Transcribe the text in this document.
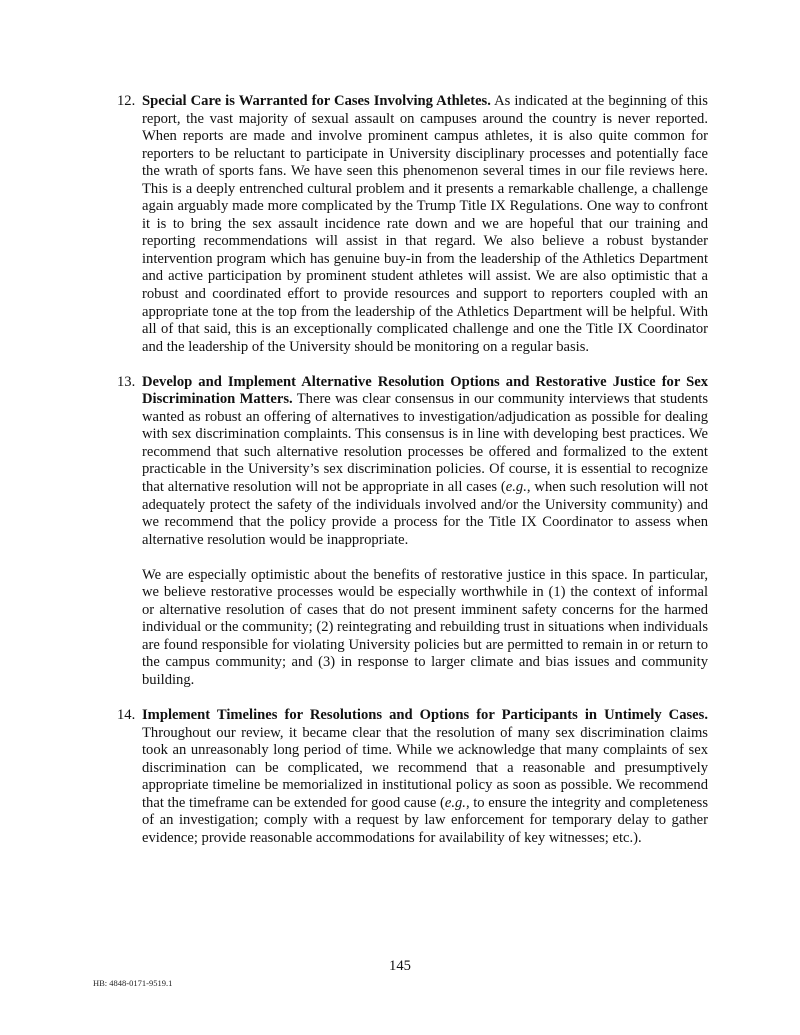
12. Special Care is Warranted for Cases Involving Athletes. As indicated at the beginning of this report, the vast majority of sexual assault on campuses around the country is never reported. When reports are made and involve prominent campus athletes, it is also quite common for reporters to be reluctant to participate in University disciplinary processes and potentially face the wrath of sports fans. We have seen this phenomenon several times in our file reviews here. This is a deeply entrenched cultural problem and it presents a remarkable challenge, a challenge again arguably made more complicated by the Trump Title IX Regulations. One way to confront it is to bring the sex assault incidence rate down and we are hopeful that our training and reporting recommendations will assist in that regard. We also believe a robust bystander intervention program which has genuine buy-in from the leadership of the Athletics Department and active participation by prominent student athletes will assist. We are also optimistic that a robust and coordinated effort to provide resources and support to reporters coupled with an appropriate tone at the top from the leadership of the Athletics Department will be helpful. With all of that said, this is an exceptionally complicated challenge and one the Title IX Coordinator and the leadership of the University should be monitoring on a regular basis.

13. Develop and Implement Alternative Resolution Options and Restorative Justice for Sex Discrimination Matters. There was clear consensus in our community interviews that students wanted as robust an offering of alternatives to investigation/adjudication as possible for dealing with sex discrimination complaints. This consensus is in line with developing best practices. We recommend that such alternative resolution processes be offered and formalized to the extent practicable in the University’s sex discrimination policies. Of course, it is essential to recognize that alternative resolution will not be appropriate in all cases (e.g., when such resolution will not adequately protect the safety of the individuals involved and/or the University community) and we recommend that the policy provide a process for the Title IX Coordinator to assess when alternative resolution would be inappropriate.

We are especially optimistic about the benefits of restorative justice in this space. In particular, we believe restorative processes would be especially worthwhile in (1) the context of informal or alternative resolution of cases that do not present imminent safety concerns for the harmed individual or the community; (2) reintegrating and rebuilding trust in situations when individuals are found responsible for violating University policies but are permitted to remain in or return to the campus community; and (3) in response to larger climate and bias issues and community building.

14. Implement Timelines for Resolutions and Options for Participants in Untimely Cases. Throughout our review, it became clear that the resolution of many sex discrimination claims took an unreasonably long period of time. While we acknowledge that many complaints of sex discrimination can be complicated, we recommend that a reasonable and presumptively appropriate timeline be memorialized in institutional policy as soon as possible. We recommend that the timeframe can be extended for good cause (e.g., to ensure the integrity and completeness of an investigation; comply with a request by law enforcement for temporary delay to gather evidence; provide reasonable accommodations for availability of key witnesses; etc.).

145
HB: 4848-0171-9519.1
